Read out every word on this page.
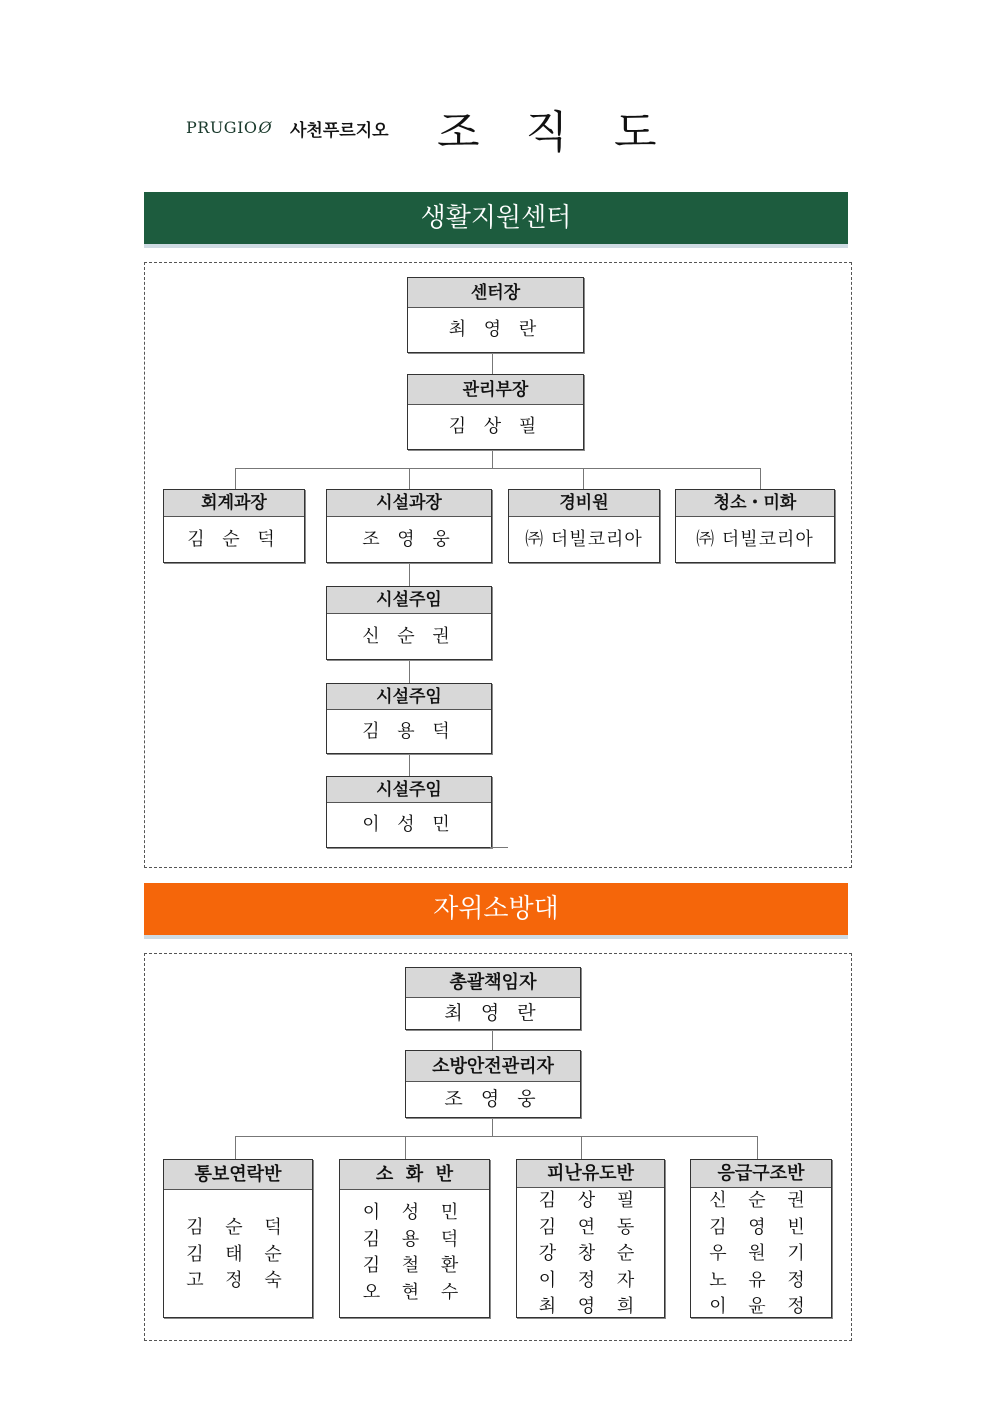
PRUGIOØ 사천푸르지오 조 직 도
생활지원센터
센터장
최 영 란
관리부장
김 상 필
회계과장
김 순 덕
시설과장
조 영 웅
경비원
㈜ 더빌코리아
청소・미화
㈜ 더빌코리아
시설주임
신 순 권
시설주임
김 용 덕
시설주임
이 성 민
자위소방대
총괄책임자
최 영 란
소방안전관리자
조 영 웅
통보연락반
김 순 덕
김 태 순
고 정 숙
소  화  반
이 성 민
김 용 덕
김 철 환
오 현 수
피난유도반
김 상 필
김 연 동
강 창 순
이 정 자
최 영 희
응급구조반
신 순 권
김 영 빈
우 원 기
노 유 정
이 윤 정
